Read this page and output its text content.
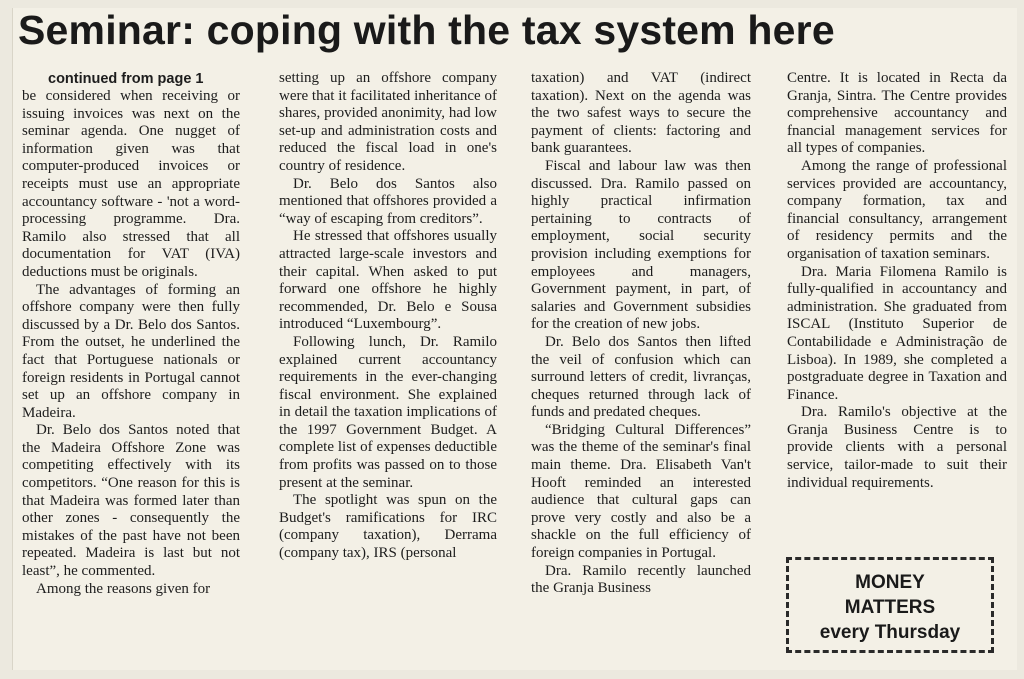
Seminar: coping with the tax system here
continued from page 1

be considered when receiving or issuing invoices was next on the seminar agenda. One nugget of information given was that computer-produced invoices or receipts must use an appropriate accountancy software - 'not a word-processing programme. Dra. Ramilo also stressed that all documentation for VAT (IVA) deductions must be originals.

The advantages of forming an offshore company were then fully discussed by a Dr. Belo dos Santos. From the outset, he underlined the fact that Portuguese nationals or foreign residents in Portugal cannot set up an offshore company in Madeira.

Dr. Belo dos Santos noted that the Madeira Offshore Zone was competiting effectively with its competitors. “One reason for this is that Madeira was formed later than other zones - consequently the mistakes of the past have not been repeated. Madeira is last but not least”, he commented.

Among the reasons given for

setting up an offshore company were that it facilitated inheritance of shares, provided anonimity, had low set-up and administration costs and reduced the fiscal load in one's country of residence.

Dr. Belo dos Santos also mentioned that offshores provided a “way of escaping from creditors”.

He stressed that offshores usually attracted large-scale investors and their capital. When asked to put forward one offshore he highly recommended, Dr. Belo e Sousa introduced “Luxembourg”.

Following lunch, Dr. Ramilo explained current accountancy requirements in the ever-changing fiscal environment. She explained in detail the taxation implications of the 1997 Government Budget. A complete list of expenses deductible from profits was passed on to those present at the seminar.

The spotlight was spun on the Budget's ramifications for IRC (company taxation), Derrama (company tax), IRS (personal

taxation) and VAT (indirect taxation). Next on the agenda was the two safest ways to secure the payment of clients: factoring and bank guarantees.

Fiscal and labour law was then discussed. Dra. Ramilo passed on highly practical infirmation pertaining to contracts of employment, social security provision including exemptions for employees and managers, Government payment, in part, of salaries and Government subsidies for the creation of new jobs.

Dr. Belo dos Santos then lifted the veil of confusion which can surround letters of credit, livranças, cheques returned through lack of funds and predated cheques.

“Bridging Cultural Differences” was the theme of the seminar's final main theme. Dra. Elisabeth Van't Hooft reminded an interested audience that cultural gaps can prove very costly and also be a shackle on the full efficiency of foreign companies in Portugal.

Dra. Ramilo recently launched the Granja Business

Centre. It is located in Recta da Granja, Sintra. The Centre provides comprehensive accountancy and fnancial management services for all types of companies.

Among the range of professional services provided are accountancy, company formation, tax and financial consultancy, arrangement of residency permits and the organisation of taxation seminars.

Dra. Maria Filomena Ramilo is fully-qualified in accountancy and administration. She graduated from ISCAL (Instituto Superior de Contabilidade e Administração de Lisboa). In 1989, she completed a postgraduate degree in Taxation and Finance.

Dra. Ramilo's objective at the Granja Business Centre is to provide clients with a personal service, tailor-made to suit their individual requirements.

MONEY
MATTERS
every Thursday
